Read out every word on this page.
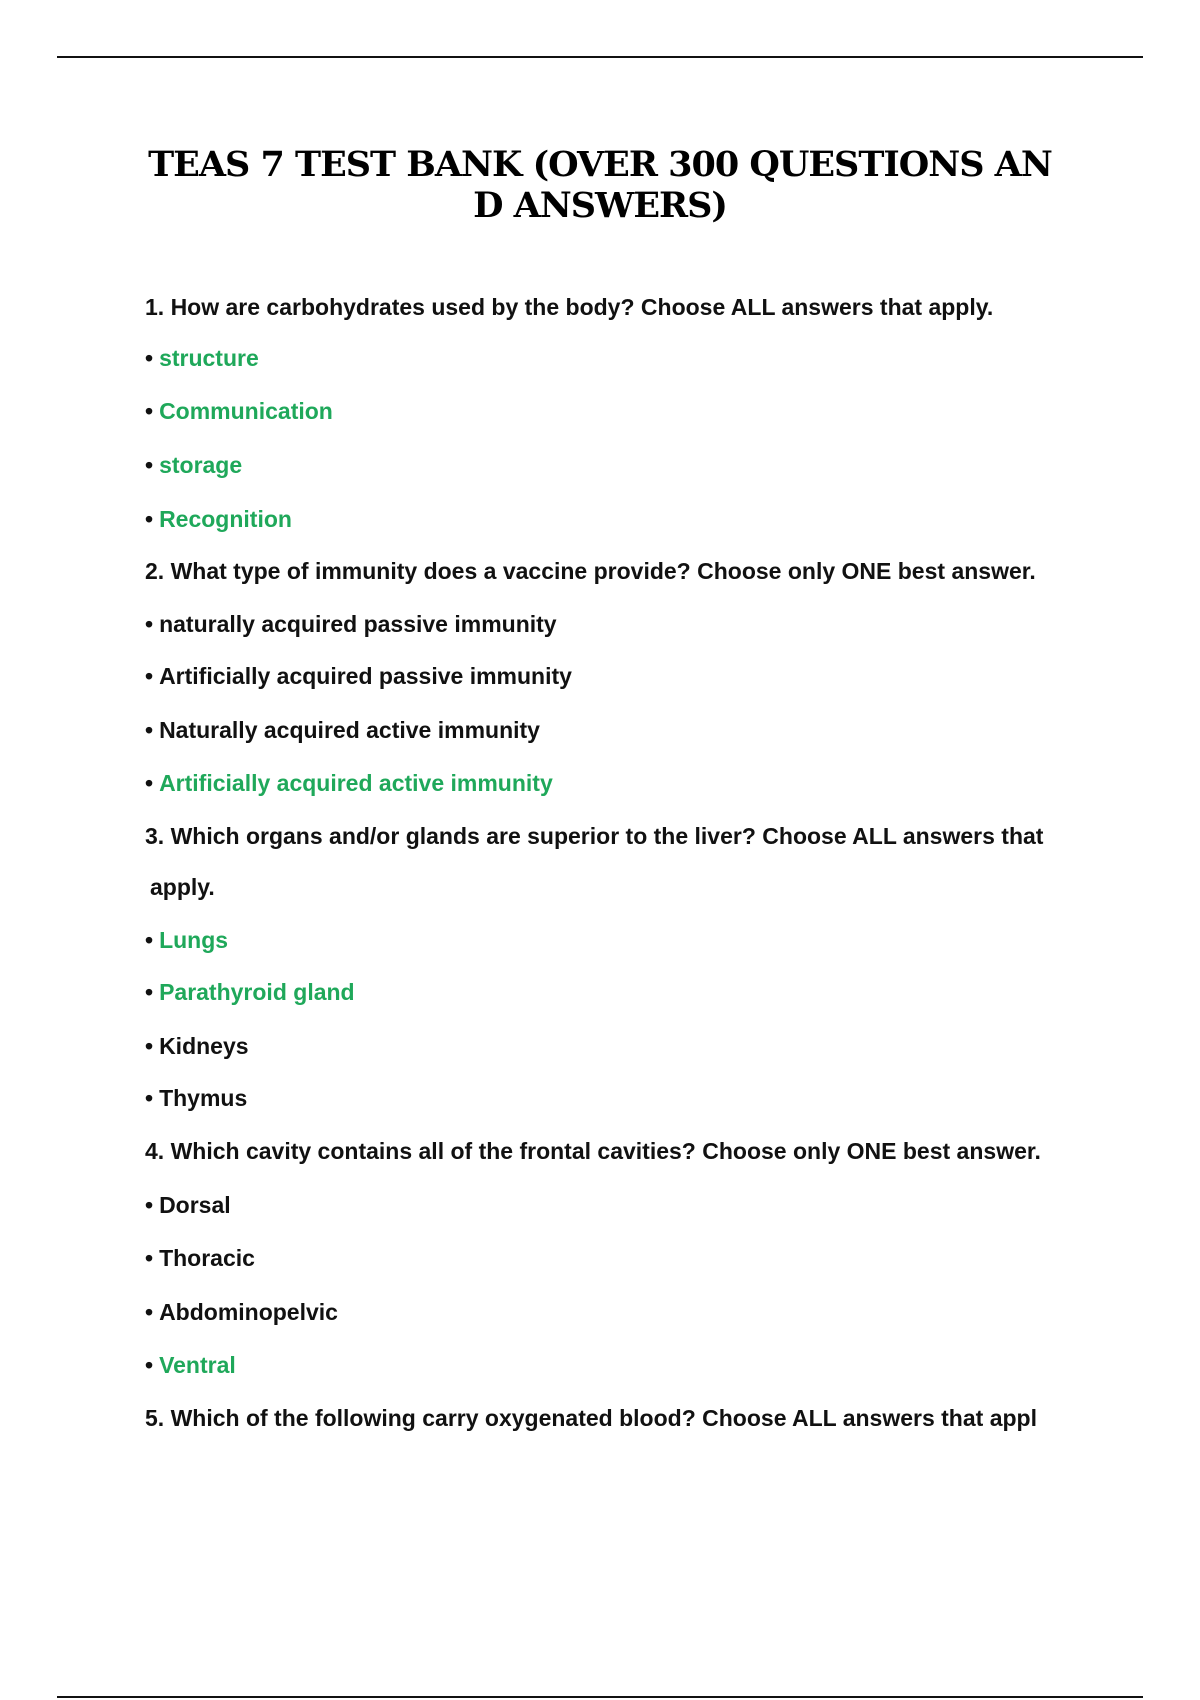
TEAS 7 TEST BANK (OVER 300 QUESTIONS AN
D ANSWERS)
1. How are carbohydrates used by the body? Choose ALL answers that apply.
• structure
• Communication
• storage
• Recognition
2. What type of immunity does a vaccine provide? Choose only ONE best answer.
• naturally acquired passive immunity
• Artificially acquired passive immunity
• Naturally acquired active immunity
• Artificially acquired active immunity
3. Which organs and/or glands are superior to the liver? Choose ALL answers that
apply.
• Lungs
• Parathyroid gland
• Kidneys
• Thymus
4. Which cavity contains all of the frontal cavities? Choose only ONE best answer.
• Dorsal
• Thoracic
• Abdominopelvic
• Ventral
5. Which of the following carry oxygenated blood? Choose ALL answers that appl
